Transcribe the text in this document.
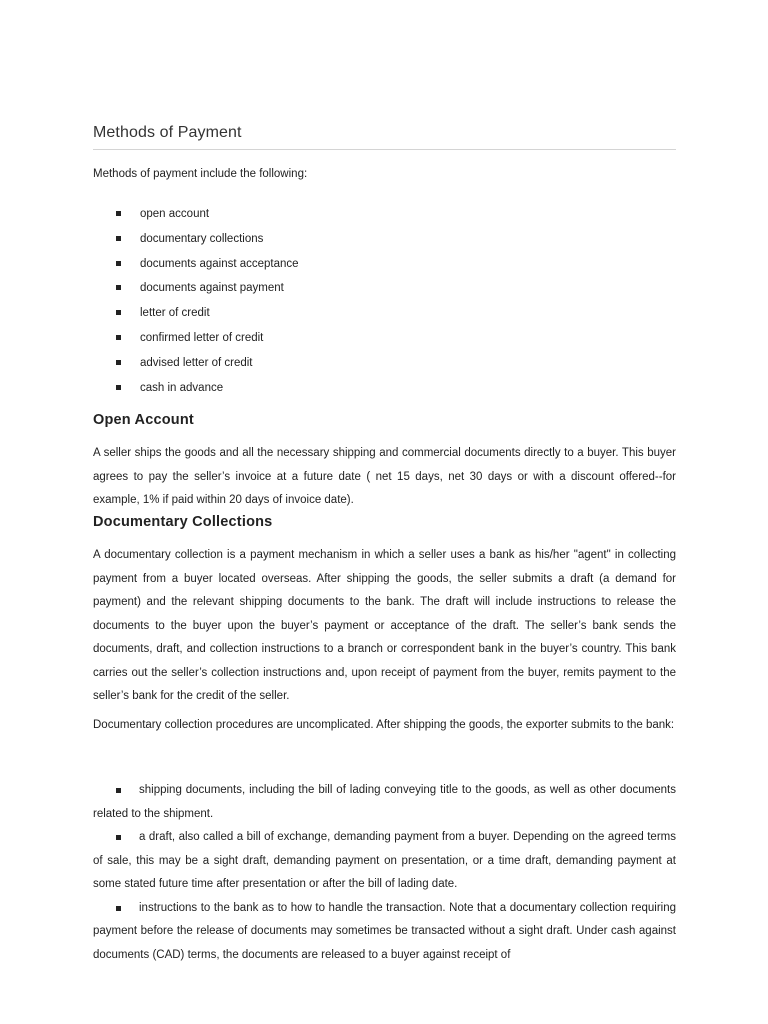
Methods of Payment
Methods of payment include the following:
open account
documentary collections
documents against acceptance
documents against payment
letter of credit
confirmed letter of credit
advised letter of credit
cash in advance
Open Account
A seller ships the goods and all the necessary shipping and commercial documents directly to a buyer. This buyer agrees to pay the seller’s invoice at a future date ( net 15 days, net 30 days or with a discount offered--for example, 1% if paid within 20 days of invoice date).
Documentary Collections
A documentary collection is a payment mechanism in which a seller uses a bank as his/her "agent" in collecting payment from a buyer located overseas. After shipping the goods, the seller submits a draft (a demand for payment) and the relevant shipping documents to the bank. The draft will include instructions to release the documents to the buyer upon the buyer’s payment or acceptance of the draft. The seller’s bank sends the documents, draft, and collection instructions to a branch or correspondent bank in the buyer’s country. This bank carries out the seller’s collection instructions and, upon receipt of payment from the buyer, remits payment to the seller’s bank for the credit of the seller.
Documentary collection procedures are uncomplicated. After shipping the goods, the exporter submits to the bank:
shipping documents, including the bill of lading conveying title to the goods, as well as other documents related to the shipment.
a draft, also called a bill of exchange, demanding payment from a buyer. Depending on the agreed terms of sale, this may be a sight draft, demanding payment on presentation, or a time draft, demanding payment at some stated future time after presentation or after the bill of lading date.
instructions to the bank as to how to handle the transaction. Note that a documentary collection requiring payment before the release of documents may sometimes be transacted without a sight draft. Under cash against documents (CAD) terms, the documents are released to a buyer against receipt of
